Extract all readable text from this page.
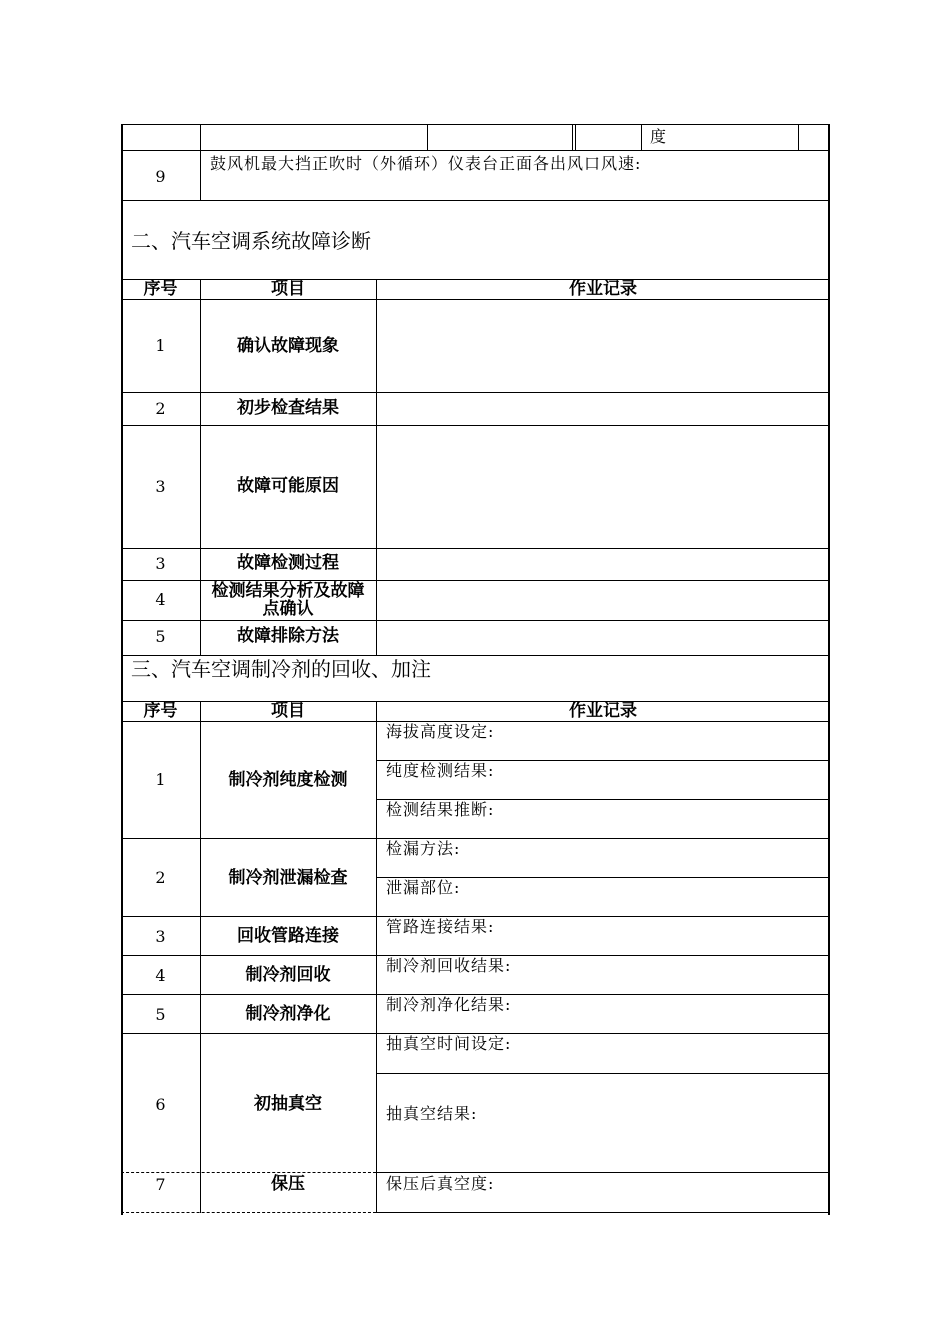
度
9
鼓风机最大挡正吹时（外循环）仪表台正面各出风口风速:
二、汽车空调系统故障诊断
序号	项目	作业记录
1	确认故障现象
2	初步检查结果
3	故障可能原因
3	故障检测过程
4	检测结果分析及故障点确认
5	故障排除方法
三、汽车空调制冷剂的回收、加注
序号	项目	作业记录
1	制冷剂纯度检测
海拔高度设定:
纯度检测结果:
检测结果推断:
2	制冷剂泄漏检查
检漏方法:
泄漏部位:
3	回收管路连接	管路连接结果:
4	制冷剂回收	制冷剂回收结果:
5	制冷剂净化	制冷剂净化结果:
6	初抽真空
抽真空时间设定:
抽真空结果:
7	保压	保压后真空度:
